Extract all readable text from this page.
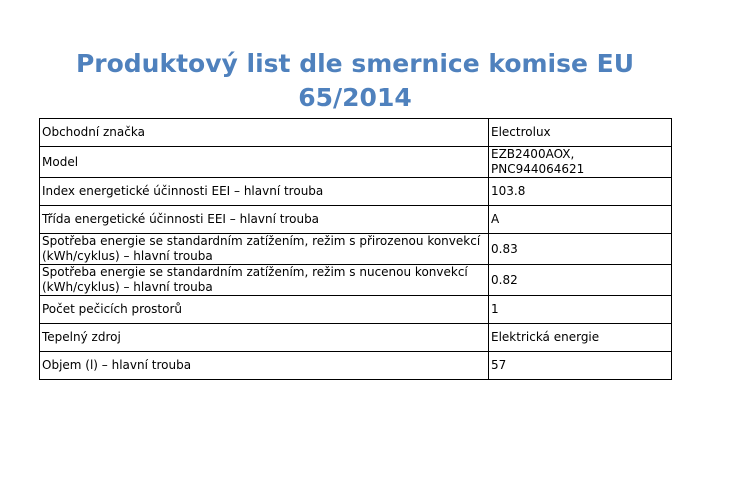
Produktový list dle smernice komise EU
65/2014
Obchodní značka	Electrolux
Model	EZB2400AOX, PNC944064621
Index energetické účinnosti EEI – hlavní trouba	103.8
Třída energetické účinnosti EEI – hlavní trouba	A
Spotřeba energie se standardním zatížením, režim s přirozenou konvekcí (kWh/cyklus) – hlavní trouba	0.83
Spotřeba energie se standardním zatížením, režim s nucenou konvekcí (kWh/cyklus) – hlavní trouba	0.82
Počet pečicích prostorů	1
Tepelný zdroj	Elektrická energie
Objem (l) – hlavní trouba	57
